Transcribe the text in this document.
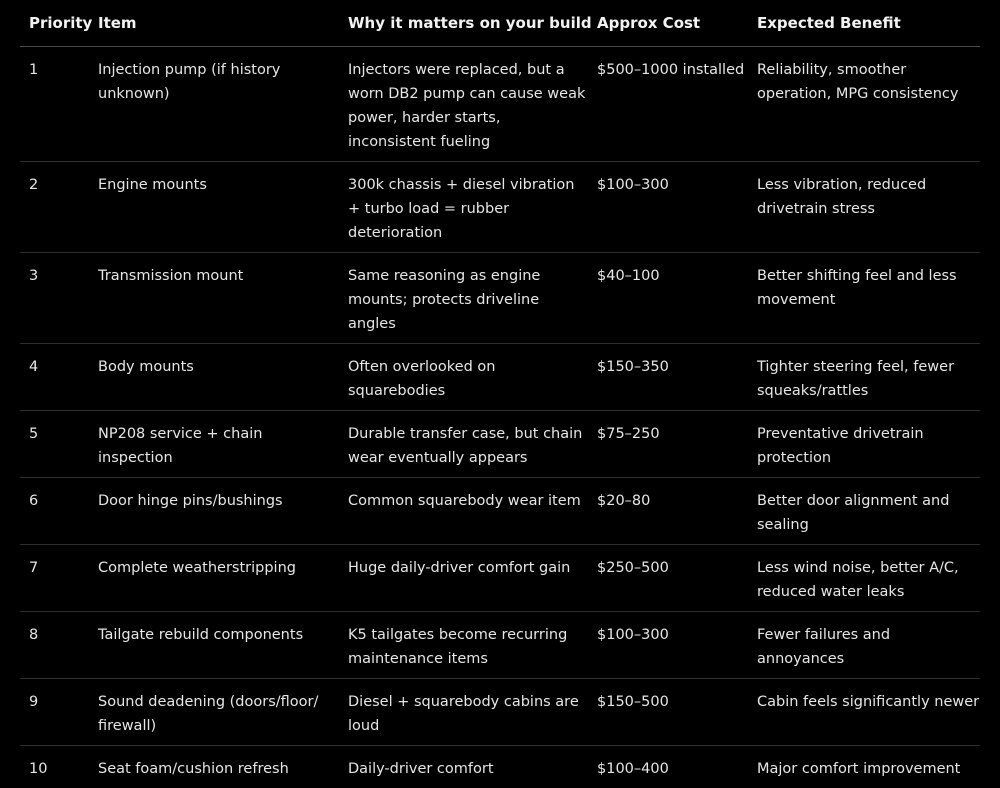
Priority	Item	Why it matters on your build	Approx Cost	Expected Benefit
1	Injection pump (if history unknown)	Injectors were replaced, but a worn DB2 pump can cause weak power, harder starts, inconsistent fueling	$500–1000 installed	Reliability, smoother operation, MPG consistency
2	Engine mounts	300k chassis + diesel vibration + turbo load = rubber deterioration	$100–300	Less vibration, reduced drivetrain stress
3	Transmission mount	Same reasoning as engine mounts; protects driveline angles	$40–100	Better shifting feel and less movement
4	Body mounts	Often overlooked on squarebodies	$150–350	Tighter steering feel, fewer squeaks/rattles
5	NP208 service + chain inspection	Durable transfer case, but chain wear eventually appears	$75–250	Preventative drivetrain protection
6	Door hinge pins/bushings	Common squarebody wear item	$20–80	Better door alignment and sealing
7	Complete weatherstripping	Huge daily-driver comfort gain	$250–500	Less wind noise, better A/C, reduced water leaks
8	Tailgate rebuild components	K5 tailgates become recurring maintenance items	$100–300	Fewer failures and annoyances
9	Sound deadening (doors/floor/ firewall)	Diesel + squarebody cabins are loud	$150–500	Cabin feels significantly newer
10	Seat foam/cushion refresh	Daily-driver comfort	$100–400	Major comfort improvement
